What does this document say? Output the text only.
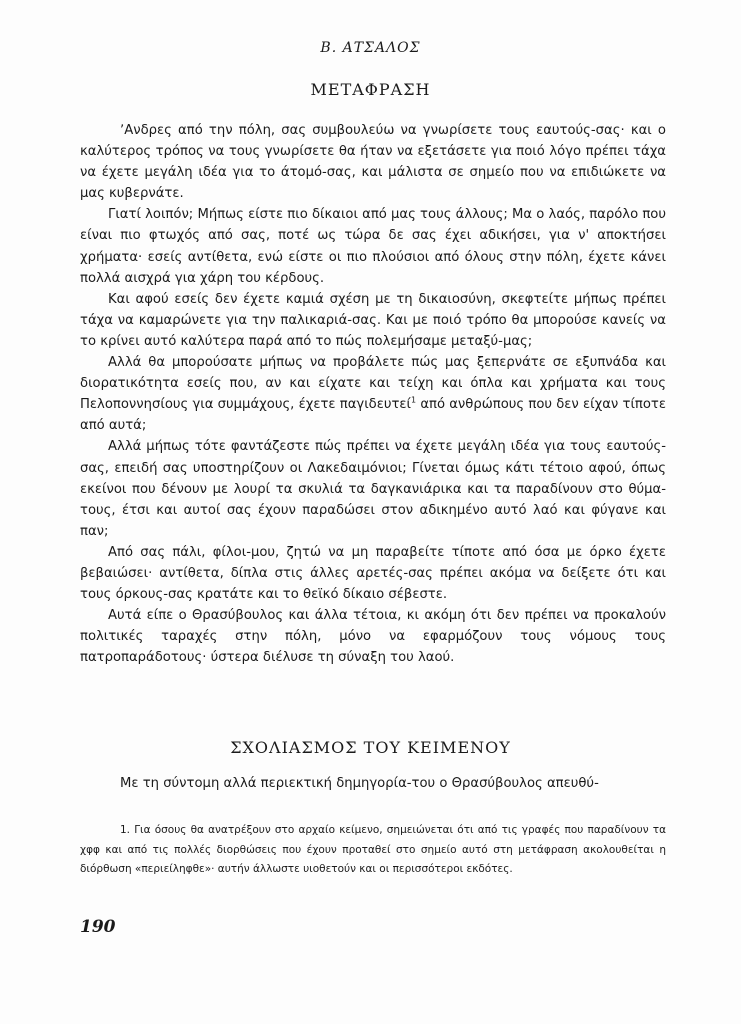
Β. ΑΤΣΑΛΟΣ
ΜΕΤΑΦΡΑΣΗ

ʼΑνδρες από την πόλη, σας συμβουλεύω να γνωρίσετε τους εαυτούς-σας· και ο καλύτερος τρόπος να τους γνωρίσετε θα ήταν να εξετάσετε για ποιό λόγο πρέπει τάχα να έχετε μεγάλη ιδέα για το άτομό-σας, και μάλιστα σε σημείο που να επιδιώκετε να μας κυβερνάτε.

Γιατί λοιπόν; Μήπως είστε πιο δίκαιοι από μας τους άλλους; Μα ο λαός, παρόλο που είναι πιο φτωχός από σας, ποτέ ως τώρα δε σας έχει αδικήσει, για ν' αποκτήσει χρήματα· εσείς αντίθετα, ενώ είστε οι πιο πλούσιοι από όλους στην πόλη, έχετε κάνει πολλά αισχρά για χάρη του κέρδους.

Και αφού εσείς δεν έχετε καμιά σχέση με τη δικαιοσύνη, σκεφτείτε μήπως πρέπει τάχα να καμαρώνετε για την παλικαριά-σας. Και με ποιό τρόπο θα μπορούσε κανείς να το κρίνει αυτό καλύτερα παρά από το πώς πολεμήσαμε μεταξύ-μας;

Αλλά θα μπορούσατε μήπως να προβάλετε πώς μας ξεπερνάτε σε εξυπνάδα και διορατικότητα εσείς που, αν και είχατε και τείχη και όπλα και χρήματα και τους Πελοποννησίους για συμμάχους, έχετε παγιδευτεί$^1$ από ανθρώπους που δεν είχαν τίποτε από αυτά;

Αλλά μήπως τότε φαντάζεστε πώς πρέπει να έχετε μεγάλη ιδέα για τους εαυτούς-σας, επειδή σας υποστηρίζουν οι Λακεδαιμόνιοι; Γίνεται όμως κάτι τέτοιο αφού, όπως εκείνοι που δένουν με λουρί τα σκυλιά τα δαγκανιάρικα και τα παραδίνουν στο θύμα-τους, έτσι και αυτοί σας έχουν παραδώσει στον αδικημένο αυτό λαό και φύγανε και παν;

Από σας πάλι, φίλοι-μου, ζητώ να μη παραβείτε τίποτε από όσα με όρκο έχετε βεβαιώσει· αντίθετα, δίπλα στις άλλες αρετές-σας πρέπει ακόμα να δείξετε ότι και τους όρκους-σας κρατάτε και το θεϊκό δίκαιο σέβεστε.

Αυτά είπε ο Θρασύβουλος και άλλα τέτοια, κι ακόμη ότι δεν πρέπει να προκαλούν πολιτικές ταραχές στην πόλη, μόνο να εφαρμόζουν τους νόμους τους πατροπαράδοτους· ύστερα διέλυσε τη σύναξη του λαού.

ΣΧΟΛΙΑΣΜΟΣ ΤΟΥ ΚΕΙΜΕΝΟΥ

Με τη σύντομη αλλά περιεκτική δημηγορία-του ο Θρασύβουλος απευθύ-

1. Για όσους θα ανατρέξουν στο αρχαίο κείμενο, σημειώνεται ότι από τις γραφές που παραδίνουν τα χφφ και από τις πολλές διορθώσεις που έχουν προταθεί στο σημείο αυτό στη μετάφραση ακολουθείται η διόρθωση «περιείληφθε»· αυτήν άλλωστε υιοθετούν και οι περισσότεροι εκδότες.

190
